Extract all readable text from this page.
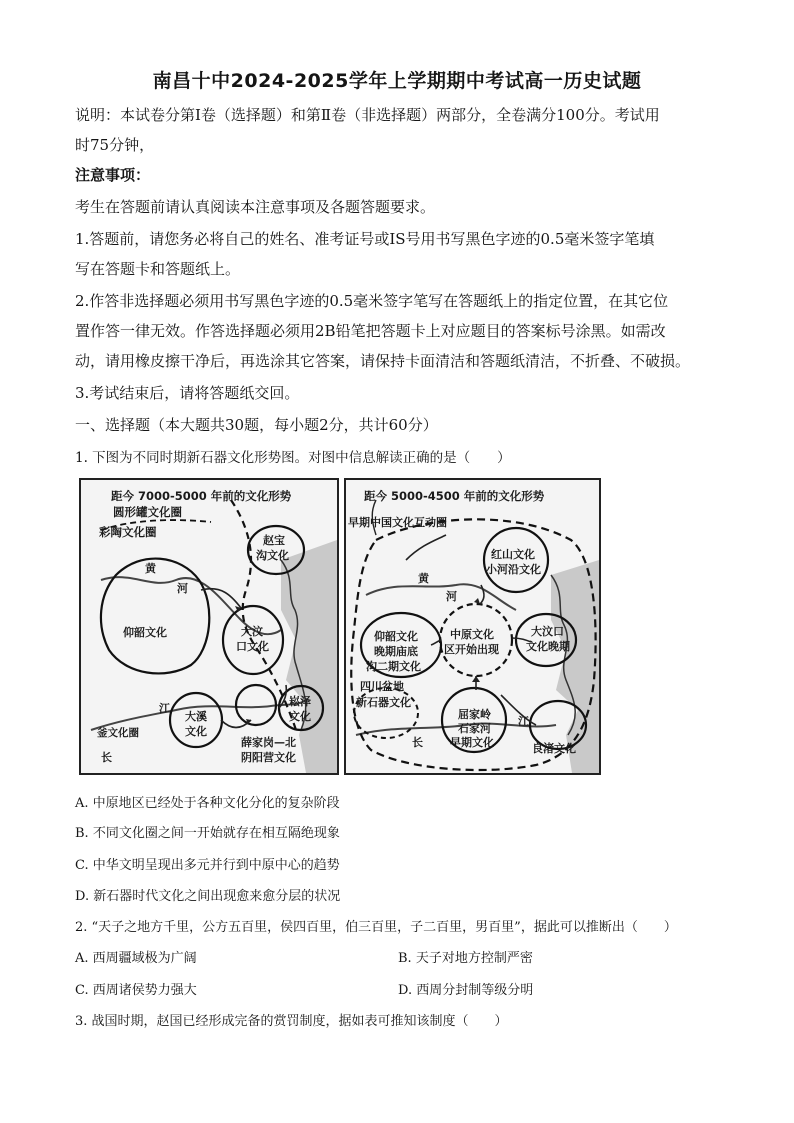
南昌十中2024-2025学年上学期期中考试高一历史试题
说明：本试卷分第Ⅰ卷（选择题）和第Ⅱ卷（非选择题）两部分，全卷满分100分。考试用
时75分钟，
注意事项：
考生在答题前请认真阅读本注意事项及各题答题要求。
1.答题前，请您务必将自己的姓名、准考证号或IS号用书写黑色字迹的0.5毫米签字笔填
写在答题卡和答题纸上。
2.作答非选择题必须用书写黑色字迹的0.5毫米签字笔写在答题纸上的指定位置，在其它位
置作答一律无效。作答选择题必须用2B铅笔把答题卡上对应题目的答案标号涂黑。如需改
动，请用橡皮擦干净后，再选涂其它答案，请保持卡面清洁和答题纸清洁，不折叠、不破损。
3.考试结束后，请将答题纸交回。
一、选择题（本大题共30题，每小题2分，共计60分）
1. 下图为不同时期新石器文化形势图。对图中信息解读正确的是（　　）
距今 7000-5000 年前的文化形势
圆形罐文化圈
彩陶文化圈
釜文化圈
赵宝
沟文化
黄
河
仰韶文化	大汶
口文化
江
大溪
文化
崧泽
文化
薛家岗—北
阴阳营文化
长
距今 5000-4500 年前的文化形势
早期中国文化互动圈
红山文化
小河沿文化
黄
河
大汶口
文化晚期
仰韶文化
晚期庙底
沟二期文化
中原文化
区开始出现
四川盆地
新石器文化
屈家岭
石家河
早期文化
江
良渚文化
长
A. 中原地区已经处于各种文化分化的复杂阶段
B. 不同文化圈之间一开始就存在相互隔绝现象
C. 中华文明呈现出多元并行到中原中心的趋势
D. 新石器时代文化之间出现愈来愈分层的状况
2. “天子之地方千里，公方五百里，侯四百里，伯三百里，子二百里，男百里”，据此可以推断出（　　）
A. 西周疆域极为广阔	B. 天子对地方控制严密
C. 西周诸侯势力强大	D. 西周分封制等级分明
3. 战国时期，赵国已经形成完备的赏罚制度，据如表可推知该制度（　　）
